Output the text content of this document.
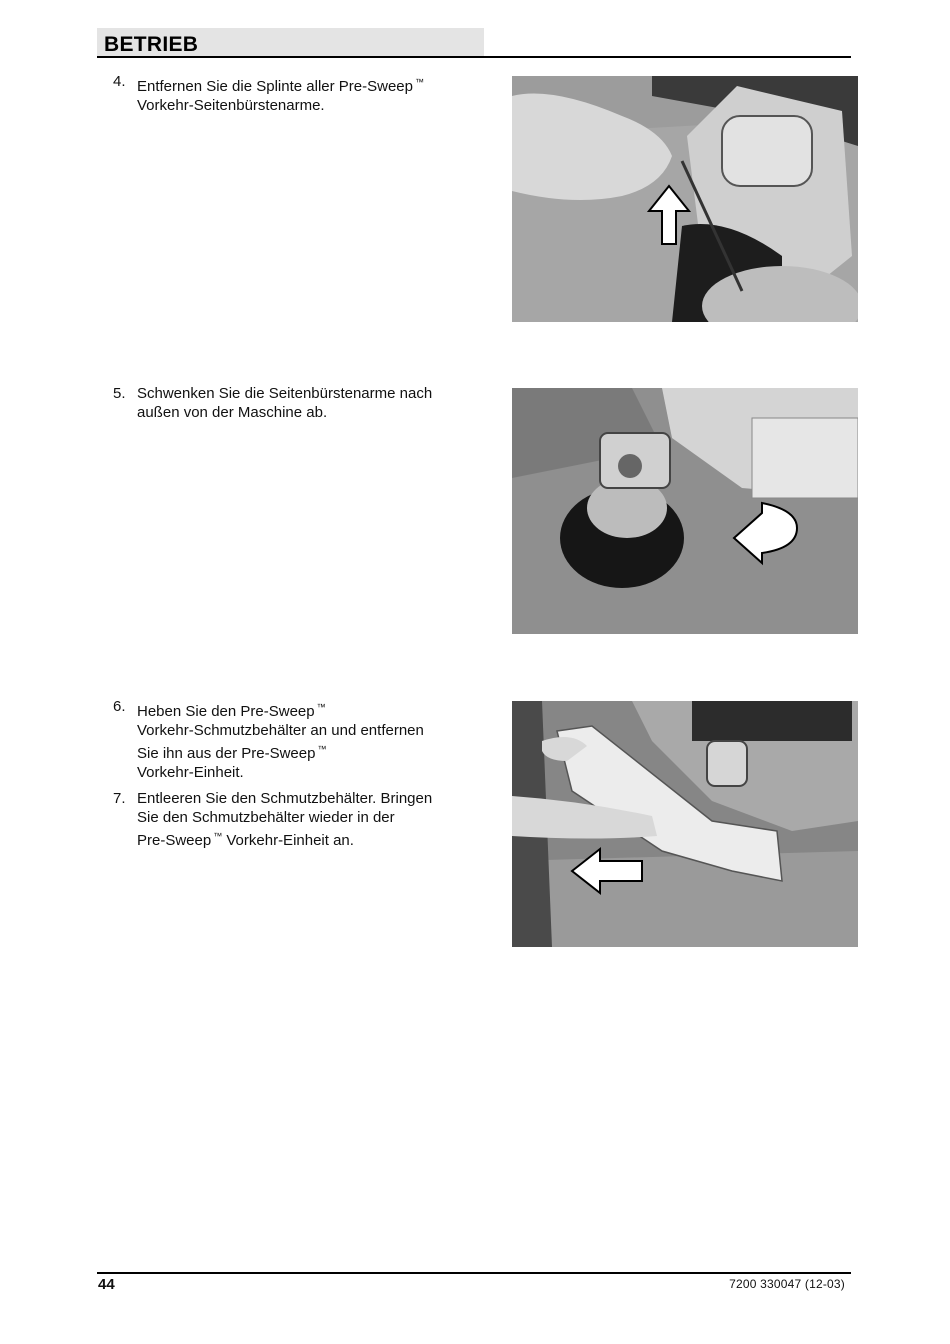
BETRIEB
4. Entfernen Sie die Splinte aller Pre-Sweep ™
Vorkehr-Seitenbürstenarme.
5. Schwenken Sie die Seitenbürstenarme nach
außen von der Maschine ab.
6. Heben Sie den Pre-Sweep ™
Vorkehr-Schmutzbehälter an und entfernen
Sie ihn aus der Pre-Sweep ™
Vorkehr-Einheit.
7. Entleeren Sie den Schmutzbehälter. Bringen
Sie den Schmutzbehälter wieder in der
Pre-Sweep ™ Vorkehr-Einheit an.
44	7200 330047 (12-03)
